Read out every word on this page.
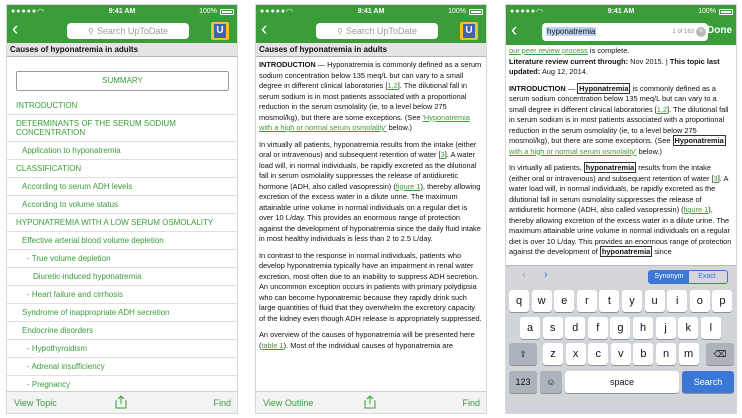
●●●●● ◠	9:41 AM	100%
‹	⚲ Search UpToDate	U
Causes of hyponatremia in adults
SUMMARY
INTRODUCTION
DETERMINANTS OF THE SERUM SODIUM CONCENTRATION
Application to hyponatremia
CLASSIFICATION
According to serum ADH levels
According to volume status
HYPONATREMIA WITH A LOW SERUM OSMOLALITY
Effective arterial blood volume depletion
- True volume depletion
Diuretic-induced hyponatremia
- Heart failure and cirrhosis
Syndrome of inappropriate ADH secretion
Endocrine disorders
- Hypothyroidism
- Adrenal insufficiency
- Pregnancy
View Topic	Find
●●●●● ◠	9:41 AM	100%
‹	⚲ Search UpToDate	U
Causes of hyponatremia in adults

INTRODUCTION — Hyponatremia is commonly defined as a serum sodium concentration below 135 meq/L but can vary to a small degree in different clinical laboratories [1,2]. The dilutional fall in serum sodium is in most patients associated with a proportional reduction in the serum osmolality (ie, to a level below 275 mosmol/kg), but there are some exceptions. (See 'Hyponatremia with a high or normal serum osmolality' below.)

In virtually all patients, hyponatremia results from the intake (either oral or intravenous) and subsequent retention of water [3]. A water load will, in normal individuals, be rapidly excreted as the dilutional fall in serum osmolality suppresses the release of antidiuretic hormone (ADH, also called vasopressin) (figure 1), thereby allowing excretion of the excess water in a dilute urine. The maximum attainable urine volume in normal individuals on a regular diet is over 10 L/day. This provides an enormous range of protection against the development of hyponatremia since the daily fluid intake in most healthy individuals is less than 2 to 2.5 L/day.

In contrast to the response in normal individuals, patients who develop hyponatremia typically have an impairment in renal water excretion, most often due to an inability to suppress ADH secretion. An uncommon exception occurs in patients with primary polydipsia who can become hyponatremic because they rapidly drink such large quantities of fluid that they overwhelm the excretory capacity of the kidney even though ADH release is appropriately suppressed.

An overview of the causes of hyponatremia will be presented here (table 1). Most of the individual causes of hyponatremia are

View Outline	Find
●●●●● ◠	9:41 AM	100%
‹	hyponatremia	1 of 163 × Done

our peer review process is complete.

Literature review current through: Nov 2015. | This topic last updated: Aug 12, 2014.

INTRODUCTION — Hyponatremia is commonly defined as a serum sodium concentration below 135 meq/L but can vary to a small degree in different clinical laboratories [1,2]. The dilutional fall in serum sodium is in most patients associated with a proportional reduction in the serum osmolality (ie, to a level below 275 mosmol/kg), but there are some exceptions. (See Hyponatremia with a high or normal serum osmolality' below.)

In virtually all patients, hyponatremia results from the intake (either oral or intravenous) and subsequent retention of water [3]. A water load will, in normal individuals, be rapidly excreted as the dilutional fall in serum osmolality suppresses the release of antidiuretic hormone (ADH, also called vasopressin) (figure 1), thereby allowing excretion of the excess water in a dilute urine. The maximum attainable urine volume in normal individuals on a regular diet is over 10 L/day. This provides an enormous range of protection against the development of hyponatremia since

‹ ›	Synonym	Exact
⇧	⌫
123	☺	space	Search
q	w	e	r	t	y	u	i	o	p
a	s	d	f	g	h	j	k	l
z	x	c	v	b	n	m
